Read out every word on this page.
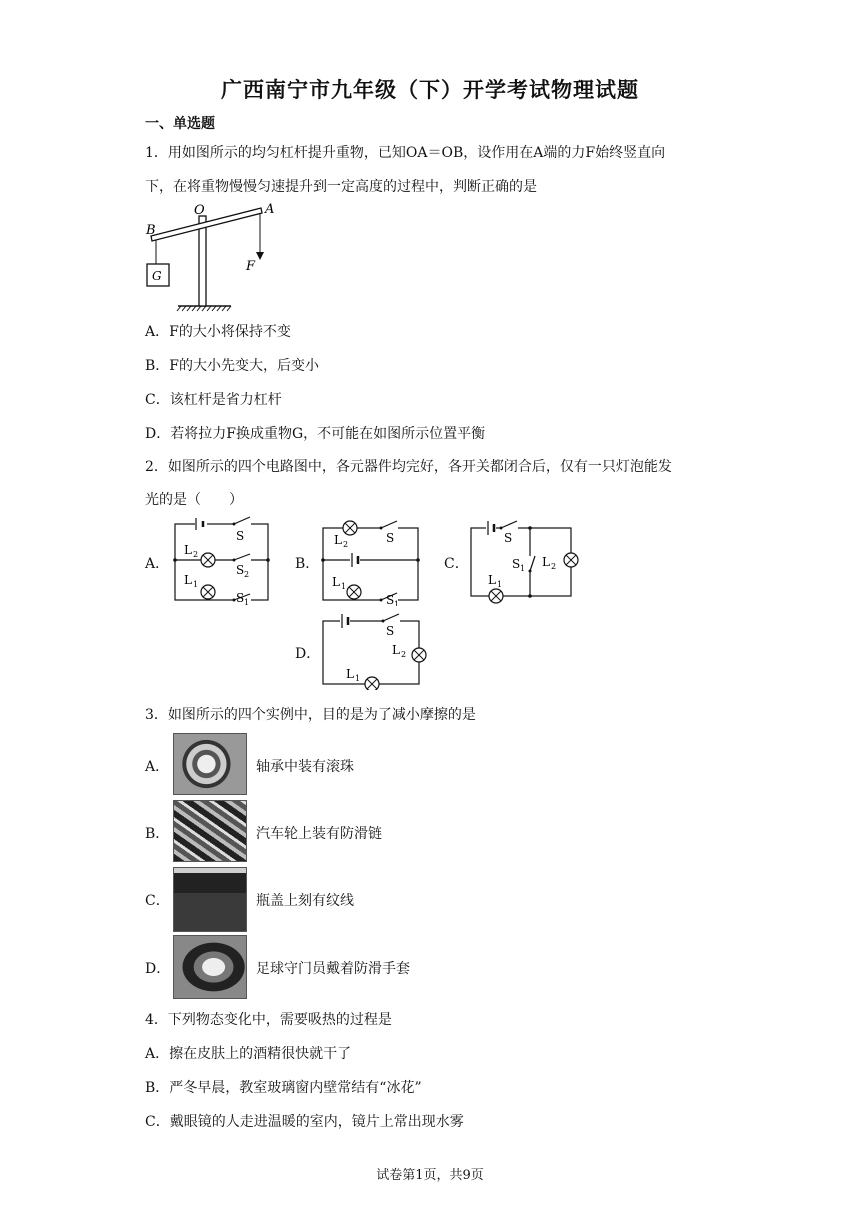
广西南宁市九年级（下）开学考试物理试题
一、单选题
1．用如图所示的均匀杠杆提升重物，已知OA＝OB，设作用在A端的力F始终竖直向
下，在将重物慢慢匀速提升到一定高度的过程中，判断正确的是
G
B
O	A
F
A．F的大小将保持不变
B．F的大小先变大，后变小
C．该杠杆是省力杠杆
D．若将拉力F换成重物G，不可能在如图所示位置平衡
2．如图所示的四个电路图中，各元器件均完好，各开关都闭合后，仅有一只灯泡能发
光的是（　　）
A．
S
L 2
S 2
L 1
S 1
B．
L 2	S
L 1
S 1
C．
S
S 1 L 2
L 1
D．
S
L 2
L 1
3．如图所示的四个实例中，目的是为了减小摩擦的是
A．	轴承中装有滚珠
B．	汽车轮上装有防滑链
C．	瓶盖上刻有纹线
D．	足球守门员戴着防滑手套
4．下列物态变化中，需要吸热的过程是
A．擦在皮肤上的酒精很快就干了
B．严冬早晨，教室玻璃窗内壁常结有“冰花”
C．戴眼镜的人走进温暖的室内，镜片上常出现水雾
试卷第1页，共9页
